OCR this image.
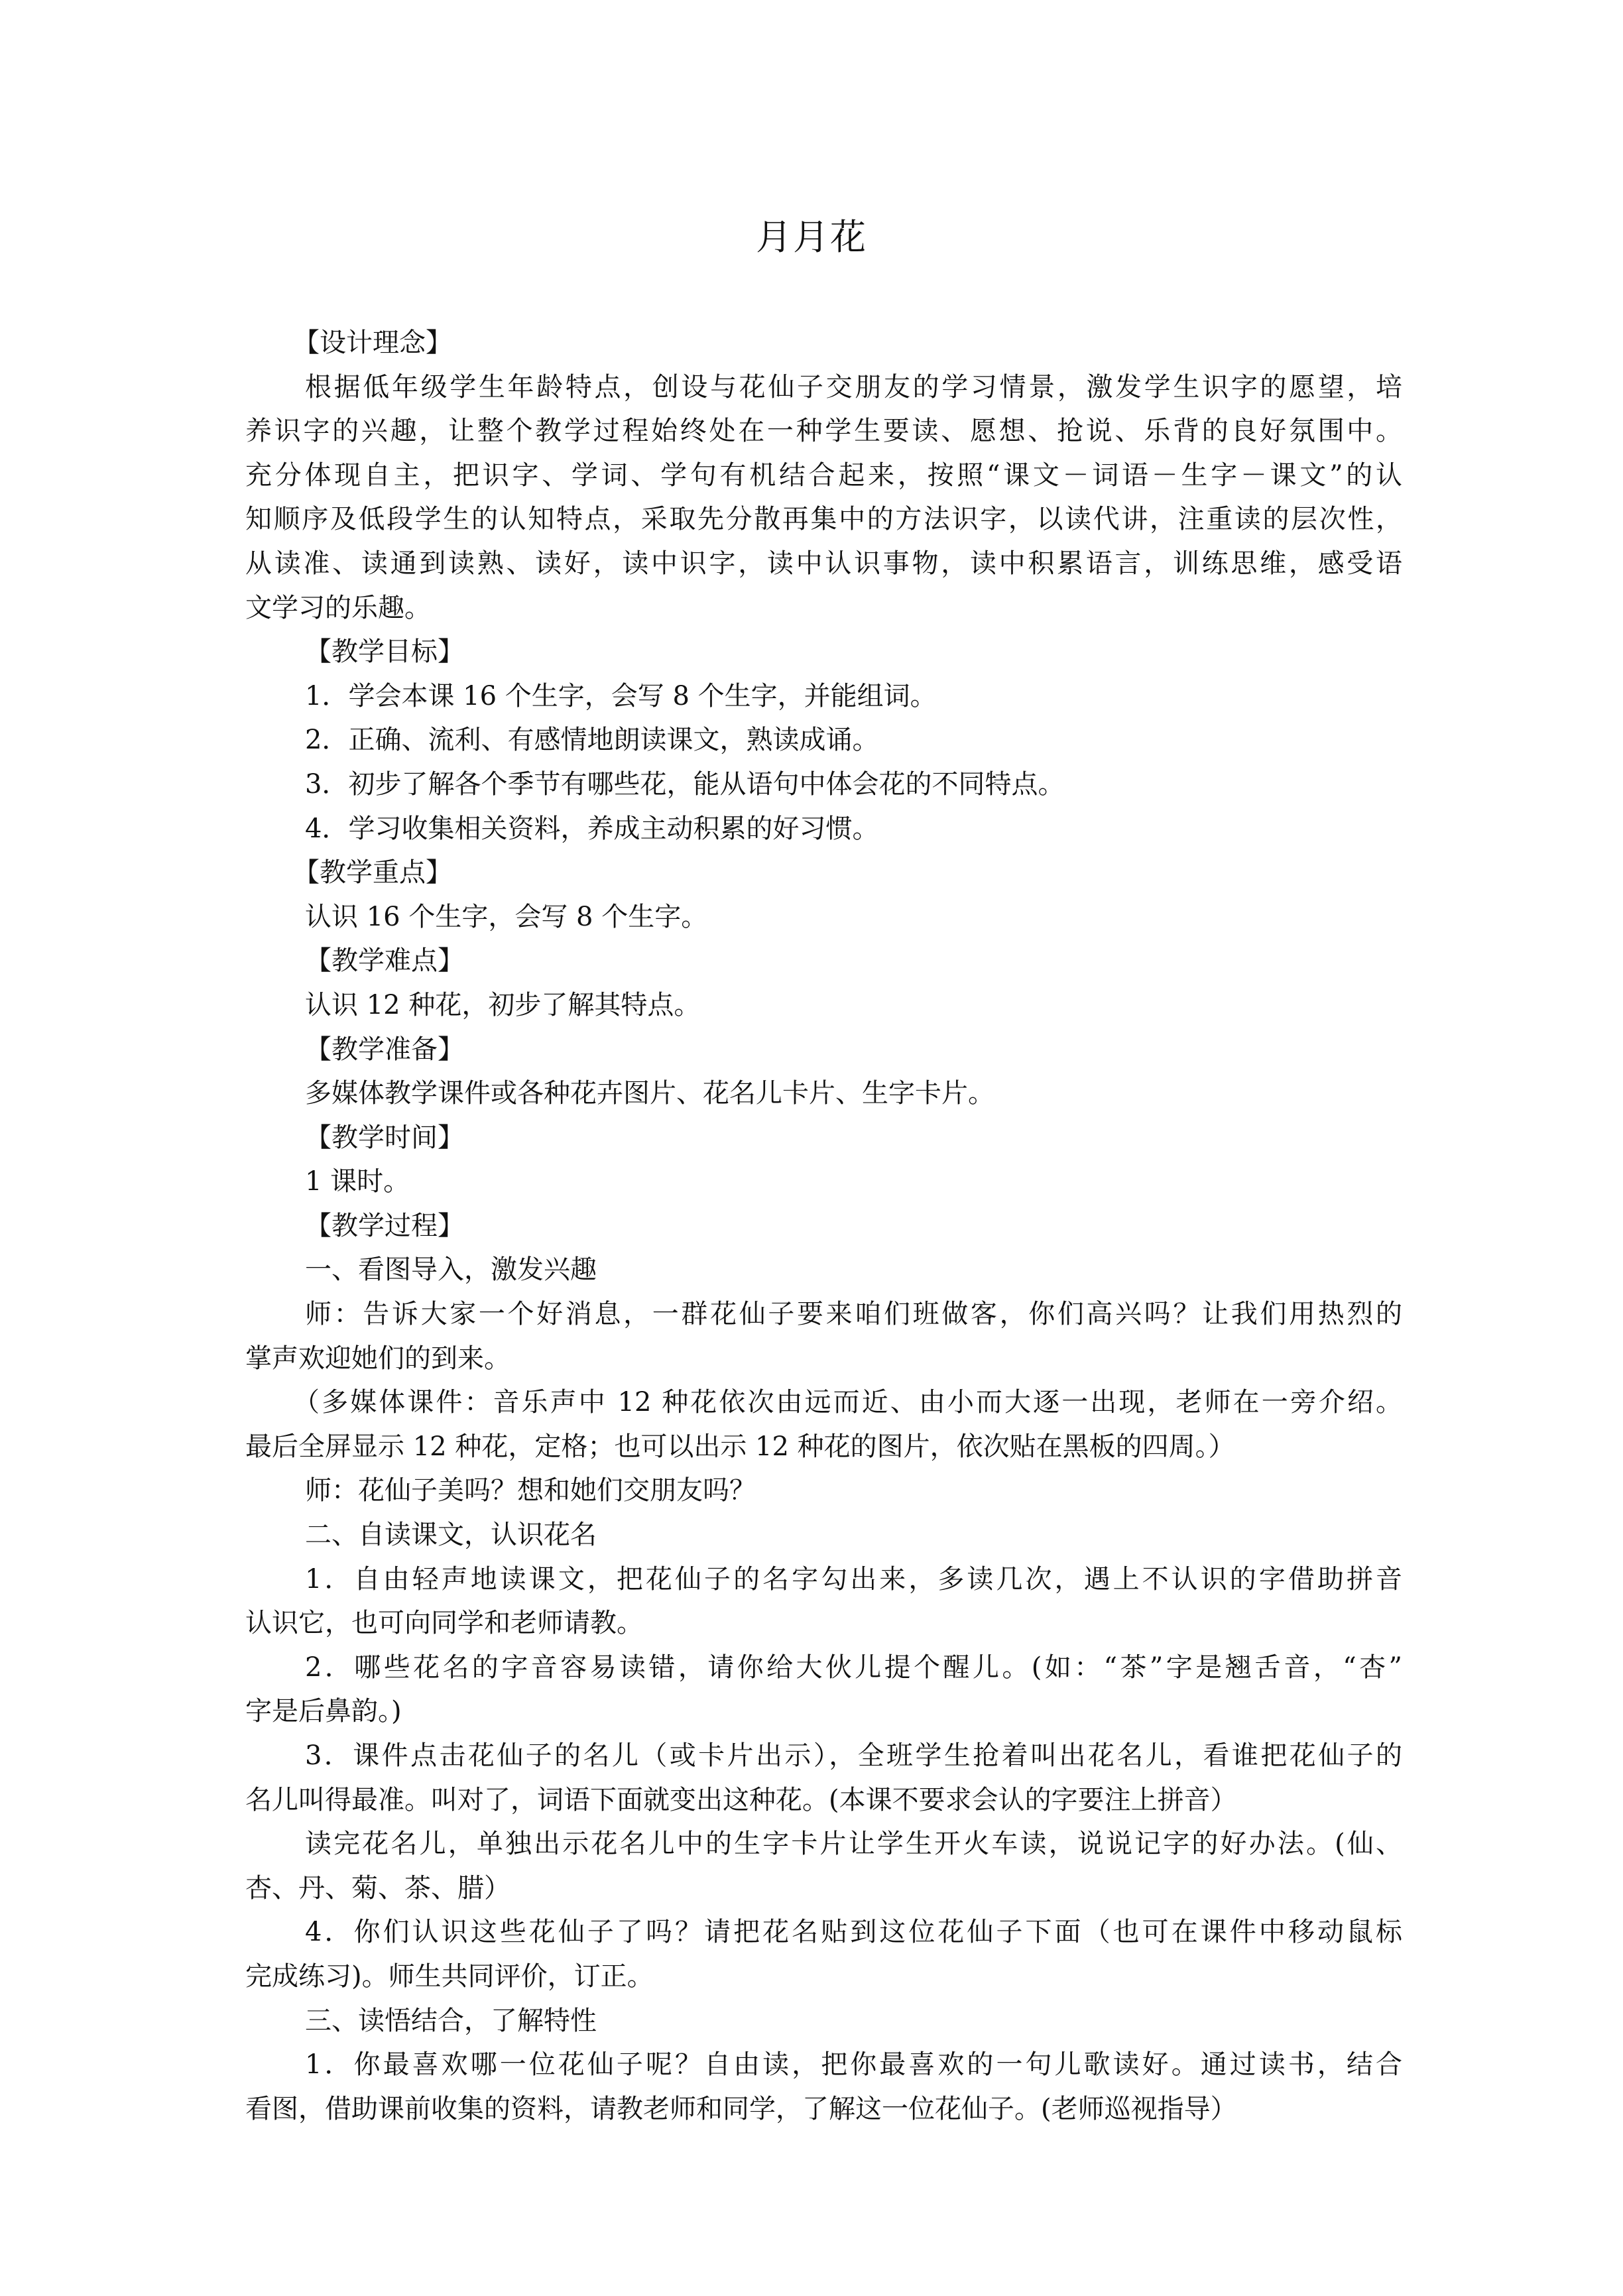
月月花
【设计理念】
根据低年级学生年龄特点，创设与花仙子交朋友的学习情景，激发学生识字的愿望，培
养识字的兴趣，让整个教学过程始终处在一种学生要读、愿想、抢说、乐背的良好氛围中。
充分体现自主，把识字、学词、学句有机结合起来，按照“课文－词语－生字－课文”的认
知顺序及低段学生的认知特点，采取先分散再集中的方法识字，以读代讲，注重读的层次性，
从读准、读通到读熟、读好，读中识字，读中认识事物，读中积累语言，训练思维，感受语
文学习的乐趣。
【教学目标】
1．学会本课 16 个生字，会写 8 个生字，并能组词。
2．正确、流利、有感情地朗读课文，熟读成诵。
3．初步了解各个季节有哪些花，能从语句中体会花的不同特点。
4．学习收集相关资料，养成主动积累的好习惯。
【教学重点】
认识 16 个生字，会写 8 个生字。
【教学难点】
认识 12 种花，初步了解其特点。
【教学准备】
多媒体教学课件或各种花卉图片、花名儿卡片、生字卡片。
【教学时间】
1 课时。
【教学过程】
一、看图导入，激发兴趣
师：告诉大家一个好消息，一群花仙子要来咱们班做客，你们高兴吗？让我们用热烈的
掌声欢迎她们的到来。
（多媒体课件：音乐声中 12 种花依次由远而近、由小而大逐一出现，老师在一旁介绍。
最后全屏显示 12 种花，定格；也可以出示 12 种花的图片，依次贴在黑板的四周。）
师：花仙子美吗？想和她们交朋友吗？
二、自读课文，认识花名
1．自由轻声地读课文，把花仙子的名字勾出来，多读几次，遇上不认识的字借助拼音
认识它，也可向同学和老师请教。
2．哪些花名的字音容易读错，请你给大伙儿提个醒儿。(如：“茶”字是翘舌音，“杏”
字是后鼻韵。)
3．课件点击花仙子的名儿（或卡片出示），全班学生抢着叫出花名儿，看谁把花仙子的
名儿叫得最准。叫对了，词语下面就变出这种花。(本课不要求会认的字要注上拼音）
读完花名儿，单独出示花名儿中的生字卡片让学生开火车读，说说记字的好办法。(仙、
杏、丹、菊、茶、腊）
4．你们认识这些花仙子了吗？请把花名贴到这位花仙子下面（也可在课件中移动鼠标
完成练习)。师生共同评价，订正。
三、读悟结合，了解特性
1．你最喜欢哪一位花仙子呢？自由读，把你最喜欢的一句儿歌读好。通过读书，结合
看图，借助课前收集的资料，请教老师和同学，了解这一位花仙子。(老师巡视指导）
